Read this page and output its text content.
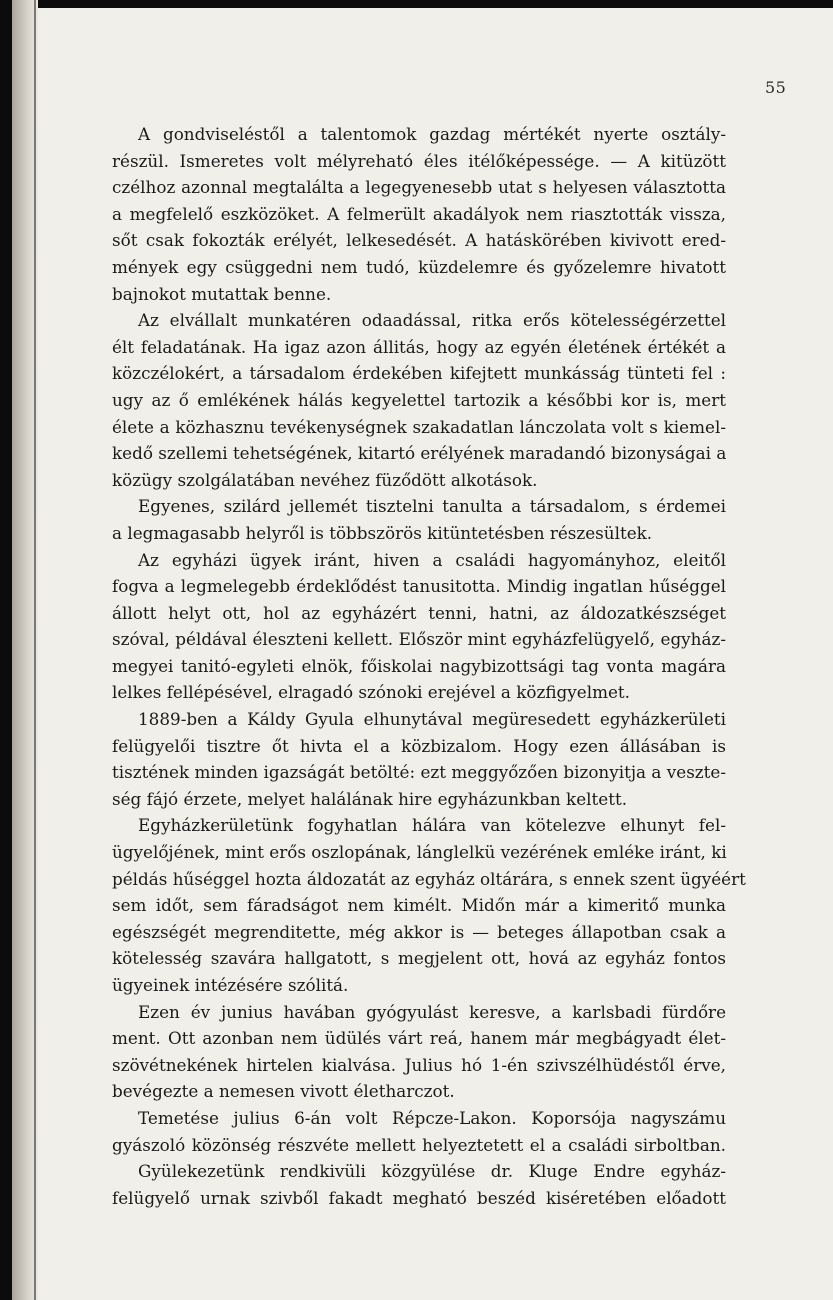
55
A gondviseléstől a talentomok gazdag mértékét nyerte osztály-
részül. Ismeretes volt mélyreható éles itélőképessége. — A kitüzött
czélhoz azonnal megtalálta a legegyenesebb utat s helyesen választotta
a megfelelő eszközöket. A felmerült akadályok nem riasztották vissza,
sőt csak fokozták erélyét, lelkesedését. A hatáskörében kivivott ered-
mények egy csüggedni nem tudó, küzdelemre és győzelemre hivatott
bajnokot mutattak benne.
Az elvállalt munkatéren odaadással, ritka erős kötelességérzettel
élt feladatának. Ha igaz azon állitás, hogy az egyén életének értékét a
közczélokért, a társadalom érdekében kifejtett munkásság tünteti fel :
ugy az ő emlékének hálás kegyelettel tartozik a későbbi kor is, mert
élete a közhasznu tevékenységnek szakadatlan lánczolata volt s kiemel-
kedő szellemi tehetségének, kitartó erélyének maradandó bizonyságai a
közügy szolgálatában nevéhez füződött alkotások.
Egyenes, szilárd jellemét tisztelni tanulta a társadalom, s érdemei
a legmagasabb helyről is többszörös kitüntetésben részesültek.
Az egyházi ügyek iránt, hiven a családi hagyományhoz, eleitől
fogva a legmelegebb érdeklődést tanusitotta. Mindig ingatlan hűséggel
állott helyt ott, hol az egyházért tenni, hatni, az áldozatkészséget
szóval, példával éleszteni kellett. Először mint egyházfelügyelő, egyház-
megyei tanitó-egyleti elnök, főiskolai nagybizottsági tag vonta magára
lelkes fellépésével, elragadó szónoki erejével a közfigyelmet.
1889-ben a Káldy Gyula elhunytával megüresedett egyházkerületi
felügyelői tisztre őt hivta el a közbizalom. Hogy ezen állásában is
tisztének minden igazságát betölté: ezt meggyőzően bizonyitja a veszte-
ség fájó érzete, melyet halálának hire egyházunkban keltett.
Egyházkerületünk fogyhatlan hálára van kötelezve elhunyt fel-
ügyelőjének, mint erős oszlopának, lánglelkü vezérének emléke iránt, ki
példás hűséggel hozta áldozatát az egyház oltárára, s ennek szent ügyéért
sem időt, sem fáradságot nem kimélt. Midőn már a kimeritő munka
egészségét megrenditette, még akkor is — beteges állapotban csak a
kötelesség szavára hallgatott, s megjelent ott, hová az egyház fontos
ügyeinek intézésére szólitá.
Ezen év junius havában gyógyulást keresve, a karlsbadi fürdőre
ment. Ott azonban nem üdülés várt reá, hanem már megbágyadt élet-
szövétnekének hirtelen kialvása. Julius hó 1-én szivszélhüdéstől érve,
bevégezte a nemesen vivott életharczot.
Temetése julius 6-án volt Répcze-Lakon. Koporsója nagyszámu
gyászoló közönség részvéte mellett helyeztetett el a családi sirboltban.
Gyülekezetünk rendkivüli közgyülése dr. Kluge Endre egyház-
felügyelő urnak szivből fakadt megható beszéd kiséretében előadott
